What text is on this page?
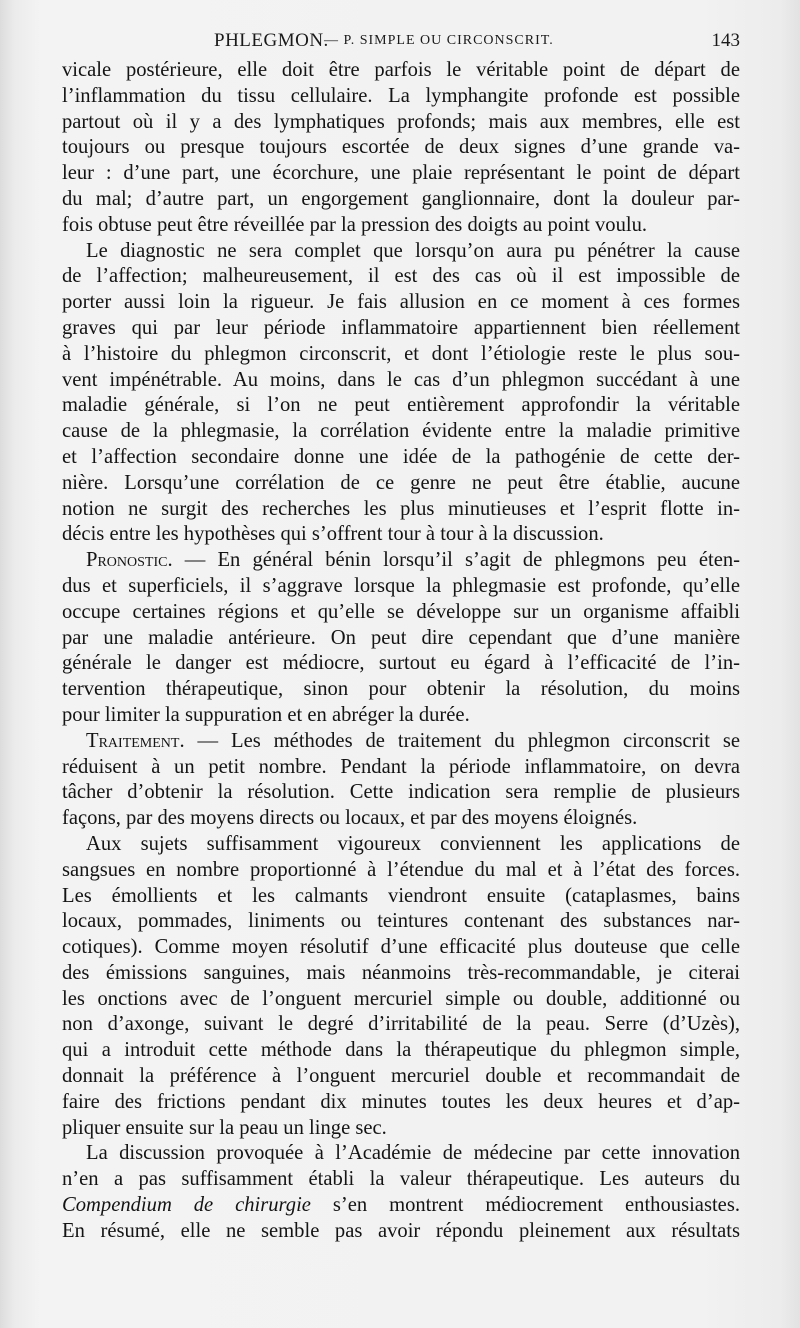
PHLEGMON.
— P. SIMPLE OU CIRCONSCRIT.	143
vicale postérieure, elle doit être parfois le véritable point de départ de
l’inflammation du tissu cellulaire. La lymphangite profonde est possible
partout où il y a des lymphatiques profonds; mais aux membres, elle est
toujours ou presque toujours escortée de deux signes d’une grande va-
leur : d’une part, une écorchure, une plaie représentant le point de départ
du mal; d’autre part, un engorgement ganglionnaire, dont la douleur par-
fois obtuse peut être réveillée par la pression des doigts au point voulu.
Le diagnostic ne sera complet que lorsqu’on aura pu pénétrer la cause
de l’affection; malheureusement, il est des cas où il est impossible de
porter aussi loin la rigueur. Je fais allusion en ce moment à ces formes
graves qui par leur période inflammatoire appartiennent bien réellement
à l’histoire du phlegmon circonscrit, et dont l’étiologie reste le plus sou-
vent impénétrable. Au moins, dans le cas d’un phlegmon succédant à une
maladie générale, si l’on ne peut entièrement approfondir la véritable
cause de la phlegmasie, la corrélation évidente entre la maladie primitive
et l’affection secondaire donne une idée de la pathogénie de cette der-
nière. Lorsqu’une corrélation de ce genre ne peut être établie, aucune
notion ne surgit des recherches les plus minutieuses et l’esprit flotte in-
décis entre les hypothèses qui s’offrent tour à tour à la discussion.
Pronostic. — En général bénin lorsqu’il s’agit de phlegmons peu éten-
dus et superficiels, il s’aggrave lorsque la phlegmasie est profonde, qu’elle
occupe certaines régions et qu’elle se développe sur un organisme affaibli
par une maladie antérieure. On peut dire cependant que d’une manière
générale le danger est médiocre, surtout eu égard à l’efficacité de l’in-
tervention thérapeutique, sinon pour obtenir la résolution, du moins
pour limiter la suppuration et en abréger la durée.
Traitement. — Les méthodes de traitement du phlegmon circonscrit se
réduisent à un petit nombre. Pendant la période inflammatoire, on devra
tâcher d’obtenir la résolution. Cette indication sera remplie de plusieurs
façons, par des moyens directs ou locaux, et par des moyens éloignés.
Aux sujets suffisamment vigoureux conviennent les applications de
sangsues en nombre proportionné à l’étendue du mal et à l’état des forces.
Les émollients et les calmants viendront ensuite (cataplasmes, bains
locaux, pommades, liniments ou teintures contenant des substances nar-
cotiques). Comme moyen résolutif d’une efficacité plus douteuse que celle
des émissions sanguines, mais néanmoins très-recommandable, je citerai
les onctions avec de l’onguent mercuriel simple ou double, additionné ou
non d’axonge, suivant le degré d’irritabilité de la peau. Serre (d’Uzès),
qui a introduit cette méthode dans la thérapeutique du phlegmon simple,
donnait la préférence à l’onguent mercuriel double et recommandait de
faire des frictions pendant dix minutes toutes les deux heures et d’ap-
pliquer ensuite sur la peau un linge sec.
La discussion provoquée à l’Académie de médecine par cette innovation
n’en a pas suffisamment établi la valeur thérapeutique. Les auteurs du
Compendium de chirurgie s’en montrent médiocrement enthousiastes.
En résumé, elle ne semble pas avoir répondu pleinement aux résultats
